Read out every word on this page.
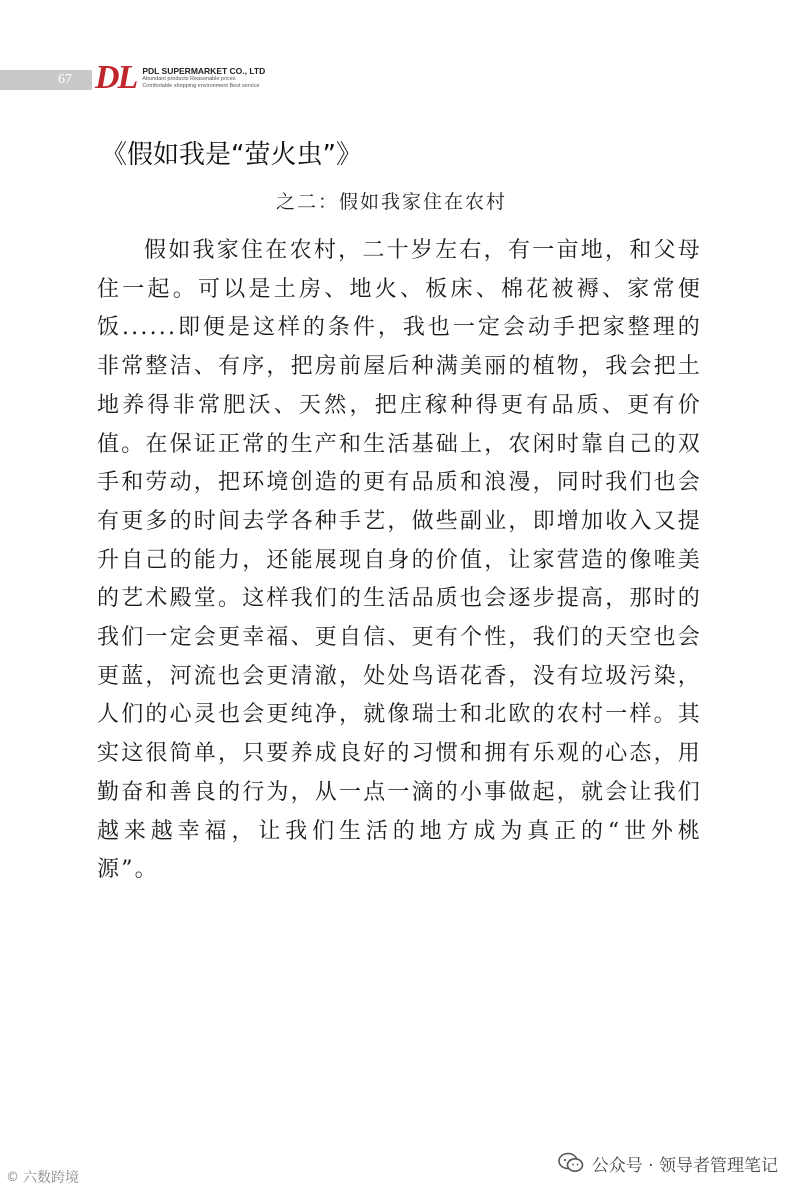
67 DL PDL SUPERMARKET CO., LTD
Abundant products Reasonable prices
Comfortable shopping environment Best service
《假如我是“萤火虫”》
之二：假如我家住在农村
假如我家住在农村，二十岁左右，有一亩地，和父母住一起。可以是土房、地火、板床、棉花被褥、家常便饭......即便是这样的条件，我也一定会动手把家整理的非常整洁、有序，把房前屋后种满美丽的植物，我会把土地养得非常肥沃、天然，把庄稼种得更有品质、更有价值。在保证正常的生产和生活基础上，农闲时靠自己的双手和劳动，把环境创造的更有品质和浪漫，同时我们也会有更多的时间去学各种手艺，做些副业，即增加收入又提升自己的能力，还能展现自身的价值，让家营造的像唯美的艺术殿堂。这样我们的生活品质也会逐步提高，那时的我们一定会更幸福、更自信、更有个性，我们的天空也会更蓝，河流也会更清澈，处处鸟语花香，没有垃圾污染，人们的心灵也会更纯净，就像瑞士和北欧的农村一样。其实这很简单，只要养成良好的习惯和拥有乐观的心态，用勤奋和善良的行为，从一点一滴的小事做起，就会让我们越来越幸福，让我们生活的地方成为真正的“世外桃源”。
© 六数跨境
公众号 · 领导者管理笔记
